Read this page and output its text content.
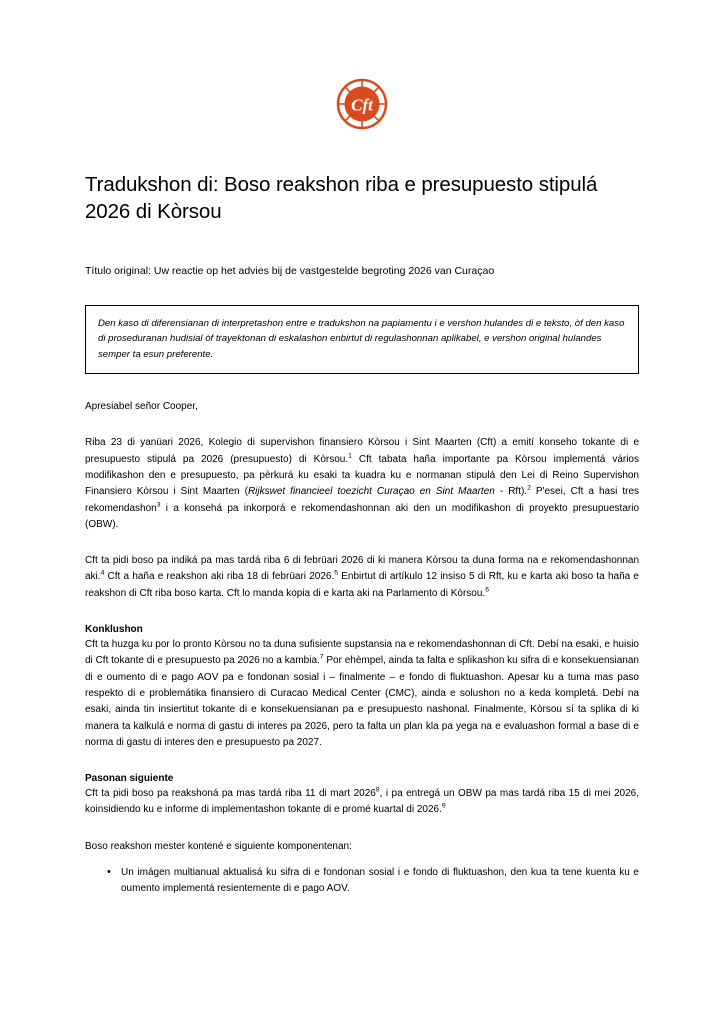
Cft
Tradukshon di: Boso reakshon riba e presupuesto stipulá 2026 di Kòrsou

Título original: Uw reactie op het advies bij de vastgestelde begroting 2026 van Curaçao

Den kaso di diferensianan di interpretashon entre e tradukshon na papiamentu i e vershon hulandes di e teksto, òf den kaso di proseduranan hudisial òf trayektonan di eskalashon enbirtut di regulashonnan aplikabel, e vershon original hulandes semper ta esun preferente.

Apresiabel señor Cooper,

Riba 23 di yanüari 2026, Kolegio di supervishon finansiero Kòrsou i Sint Maarten (Cft) a emití konseho tokante di e presupuesto stipulá pa 2026 (presupuesto) di Kòrsou.$^1$ Cft tabata haña importante pa Kòrsou implementá vários modifikashon den e presupuesto, pa pèrkurá ku esaki ta kuadra ku e normanan stipulá den Lei di Reino Supervishon Finansiero Kòrsou i Sint Maarten (Rijkswet financieel toezicht Curaçao en Sint Maarten - Rft).$^2$ P'esei, Cft a hasi tres rekomendashon$^3$ i a konsehá pa inkorporá e rekomendashonnan aki den un modifikashon di proyekto presupuestario (OBW).

Cft ta pidi boso pa indiká pa mas tardá riba 6 di febrüari 2026 di ki manera Kòrsou ta duna forma na e rekomendashonnan aki.$^4$ Cft a haña e reakshon aki riba 18 di febrüari 2026.$^5$ Enbirtut di artíkulo 12 insiso 5 di Rft, ku e karta aki boso ta haña e reakshon di Cft riba boso karta. Cft lo manda kopia di e karta aki na Parlamento di Kòrsou.$^6$

Konklushon

Cft ta huzga ku por lo pronto Kòrsou no ta duna sufisiente supstansia na e rekomendashonnan di Cft. Debí na esaki, e huisio di Cft tokante di e presupuesto pa 2026 no a kambia.$^7$ Por ehèmpel, ainda ta falta e splikashon ku sifra di e konsekuensianan di e oumento di e pago AOV pa e fondonan sosial i – finalmente – e fondo di fluktuashon. Apesar ku a tuma mas paso respekto di e problemátika finansiero di Curacao Medical Center (CMC), ainda e solushon no a keda kompletá. Debí na esaki, ainda tin insiertitut tokante di e konsekuensianan pa e presupuesto nashonal. Finalmente, Kòrsou sí ta splika di ki manera ta kalkulá e norma di gastu di interes pa 2026, pero ta falta un plan kla pa yega na e evaluashon formal a base di e norma di gastu di interes den e presupuesto pa 2027.

Pasonan siguiente

Cft ta pidi boso pa reakshoná pa mas tardá riba 11 di mart 2026$^8$, i pa entregá un OBW pa mas tardá riba 15 di mei 2026, koinsidiendo ku e informe di implementashon tokante di e promé kuartal di 2026.$^9$

Boso reakshon mester kontené e siguiente komponentenan:

• Un imágen multianual aktualisá ku sifra di e fondonan sosial i e fondo di fluktuashon, den kua ta tene kuenta ku e oumento implementá resientemente di e pago AOV.
